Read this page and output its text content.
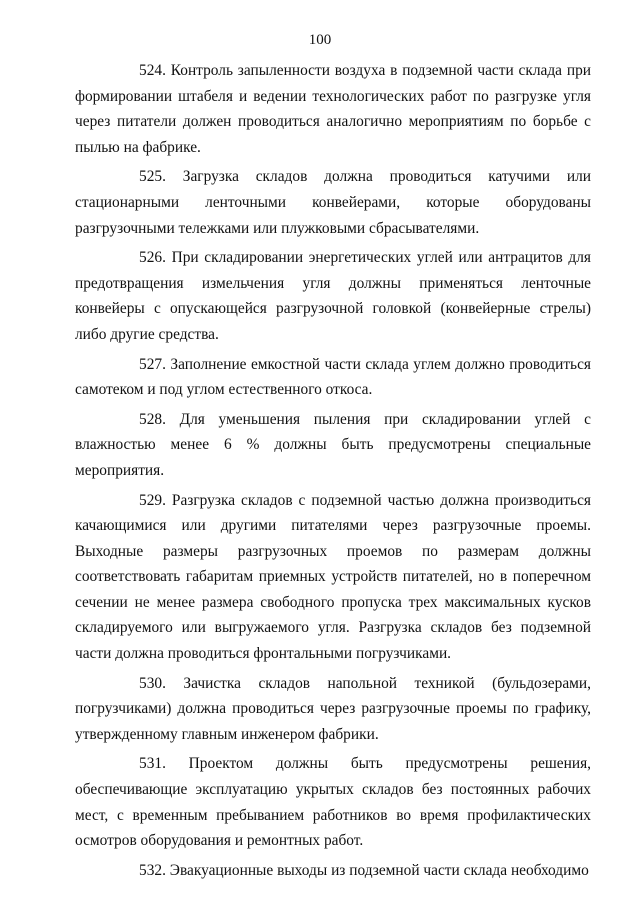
100

524. Контроль запыленности воздуха в подземной части склада при формировании штабеля и ведении технологических работ по разгрузке угля через питатели должен проводиться аналогично мероприятиям по борьбе с пылью на фабрике.

525. Загрузка складов должна проводиться катучими или стационарными ленточными конвейерами, которые оборудованы разгрузочными тележками или плужковыми сбрасывателями.

526. При складировании энергетических углей или антрацитов для предотвращения измельчения угля должны применяться ленточные конвейеры с опускающейся разгрузочной головкой (конвейерные стрелы) либо другие средства.

527. Заполнение емкостной части склада углем должно проводиться самотеком и под углом естественного откоса.

528. Для уменьшения пыления при складировании углей с влажностью менее 6 % должны быть предусмотрены специальные мероприятия.

529. Разгрузка складов с подземной частью должна производиться качающимися или другими питателями через разгрузочные проемы. Выходные размеры разгрузочных проемов по размерам должны соответствовать габаритам приемных устройств питателей, но в поперечном сечении не менее размера свободного пропуска трех максимальных кусков складируемого или выгружаемого угля. Разгрузка складов без подземной части должна проводиться фронтальными погрузчиками.

530. Зачистка складов напольной техникой (бульдозерами, погрузчиками) должна проводиться через разгрузочные проемы по графику, утвержденному главным инженером фабрики.

531. Проектом должны быть предусмотрены решения, обеспечивающие эксплуатацию укрытых складов без постоянных рабочих мест, с временным пребыванием работников во время профилактических осмотров оборудования и ремонтных работ.

532. Эвакуационные выходы из подземной части склада необходимо
